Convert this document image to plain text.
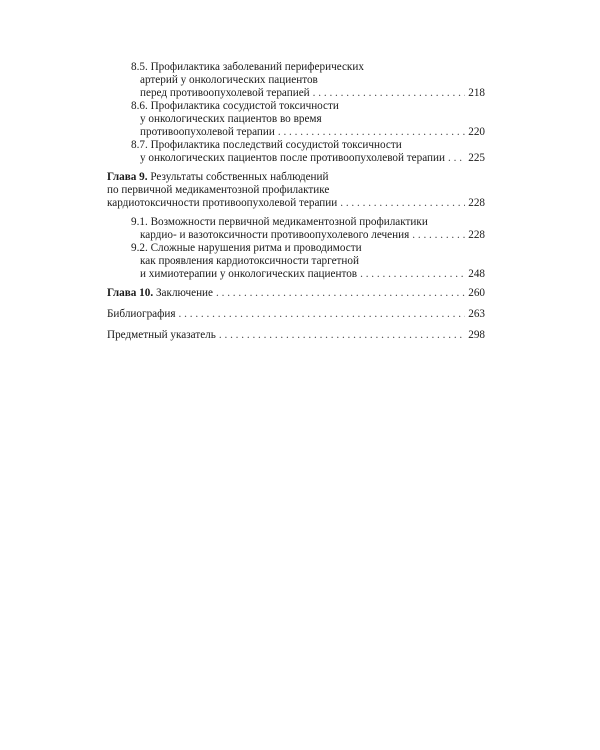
8.5. Профилактика заболеваний периферических
артерий у онкологических пациентов
перед противоопухолевой терапией . . .	218
8.6. Профилактика сосудистой токсичности
у онкологических пациентов во время
противоопухолевой терапии . . .	220
8.7. Профилактика последствий сосудистой токсичности
у онкологических пациентов после противоопухолевой терапии . . . 225
Глава 9. Результаты собственных наблюдений
по первичной медикаментозной профилактике
кардиотоксичности противоопухолевой терапии . . .	228
9.1. Возможности первичной медикаментозной профилактики
кардио- и вазотоксичности противоопухолевого лечения . . .	228
9.2. Сложные нарушения ритма и проводимости
как проявления кардиотоксичности таргетной
и химиотерапии у онкологических пациентов . . .	248
Глава 10. Заключение . . .	260
Библиография . . .	263
Предметный указатель . . .	298
